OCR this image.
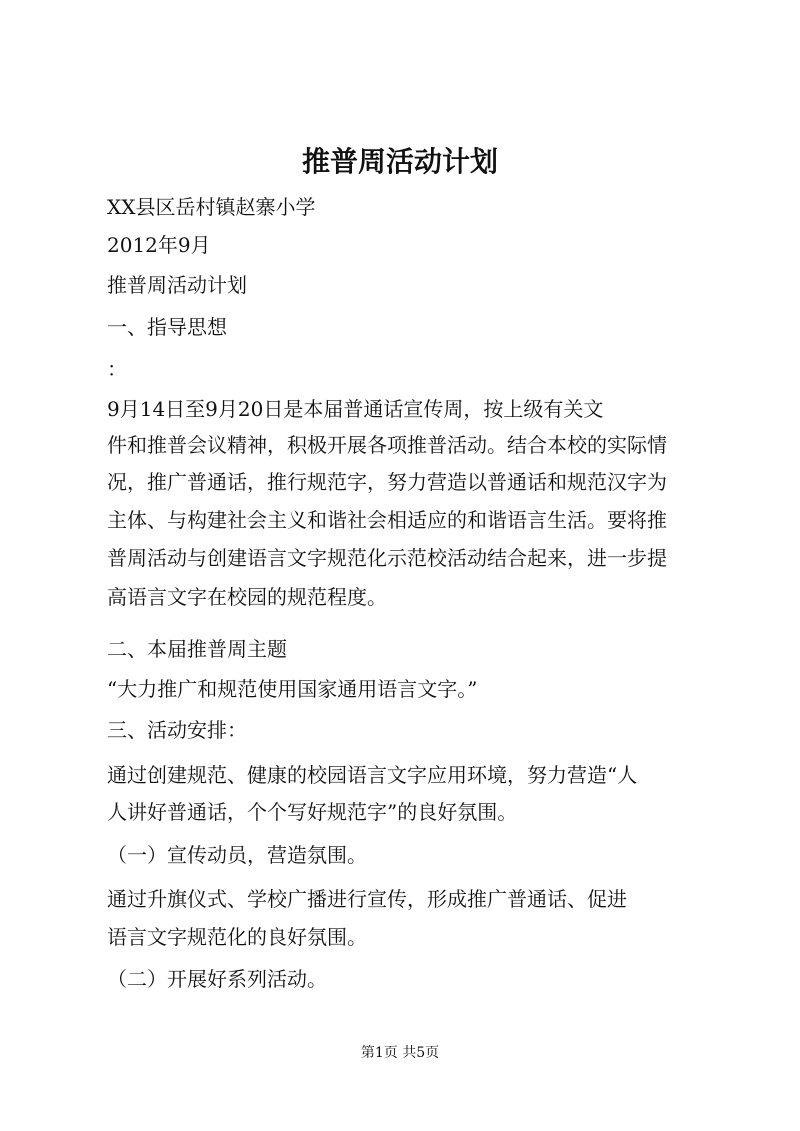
推普周活动计划
XX县区岳村镇赵寨小学
2012年9月
推普周活动计划
一、指导思想
：
9月14日至9月20日是本届普通话宣传周，按上级有关文
件和推普会议精神，积极开展各项推普活动。结合本校的实际情
况，推广普通话，推行规范字，努力营造以普通话和规范汉字为
主体、与构建社会主义和谐社会相适应的和谐语言生活。要将推
普周活动与创建语言文字规范化示范校活动结合起来，进一步提
高语言文字在校园的规范程度。
二、本届推普周主题
“大力推广和规范使用国家通用语言文字。”
三、活动安排：
通过创建规范、健康的校园语言文字应用环境，努力营造“人
人讲好普通话，个个写好规范字”的良好氛围。
（一）宣传动员，营造氛围。
通过升旗仪式、学校广播进行宣传，形成推广普通话、促进
语言文字规范化的良好氛围。
（二）开展好系列活动。
第1页 共5页
